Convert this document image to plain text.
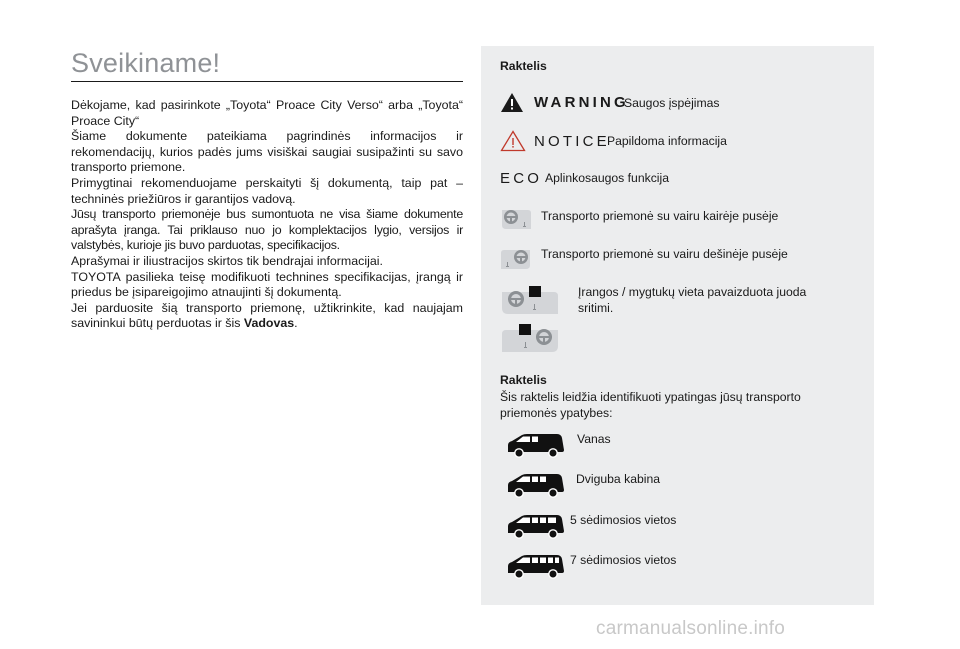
Sveikiname!

Dėkojame, kad pasirinkote „Toyota“ Proace City Verso“ arba „Toyota“ Proace City“

Šiame dokumente pateikiama pagrindinės informacijos ir rekomendacijų, kurios padės jums visiškai saugiai susipažinti su savo transporto priemone.

Primygtinai rekomenduojame perskaityti šį dokumentą, taip pat – techninės priežiūros ir garantijos vadovą.

Jūsų transporto priemonėje bus sumontuota ne visa šiame dokumente aprašyta įranga. Tai priklauso nuo jo komplektacijos lygio, versijos ir valstybės, kurioje jis buvo parduotas, specifikacijos.

Aprašymai ir iliustracijos skirtos tik bendrajai informacijai.

TOYOTA pasilieka teisę modifikuoti technines specifikacijas, įrangą ir priedus be įsipareigojimo atnaujinti šį dokumentą.

Jei parduosite šią transporto priemonę, užtikrinkite, kad naujajam savininkui būtų perduotas ir šis Vadovas.

Raktelis
WARNING
Saugos įspėjimas
NOTICE
Papildoma informacija
ECO Aplinkosaugos funkcija
Transporto priemonė su vairu kairėje pusėje
Transporto priemonė su vairu dešinėje pusėje
Įrangos / mygtukų vieta pavaizduota juoda sritimi.
Raktelis
Šis raktelis leidžia identifikuoti ypatingas jūsų transporto priemonės ypatybes:
Vanas
Dviguba kabina
5 sėdimosios vietos
7 sėdimosios vietos
carmanualsonline.info
